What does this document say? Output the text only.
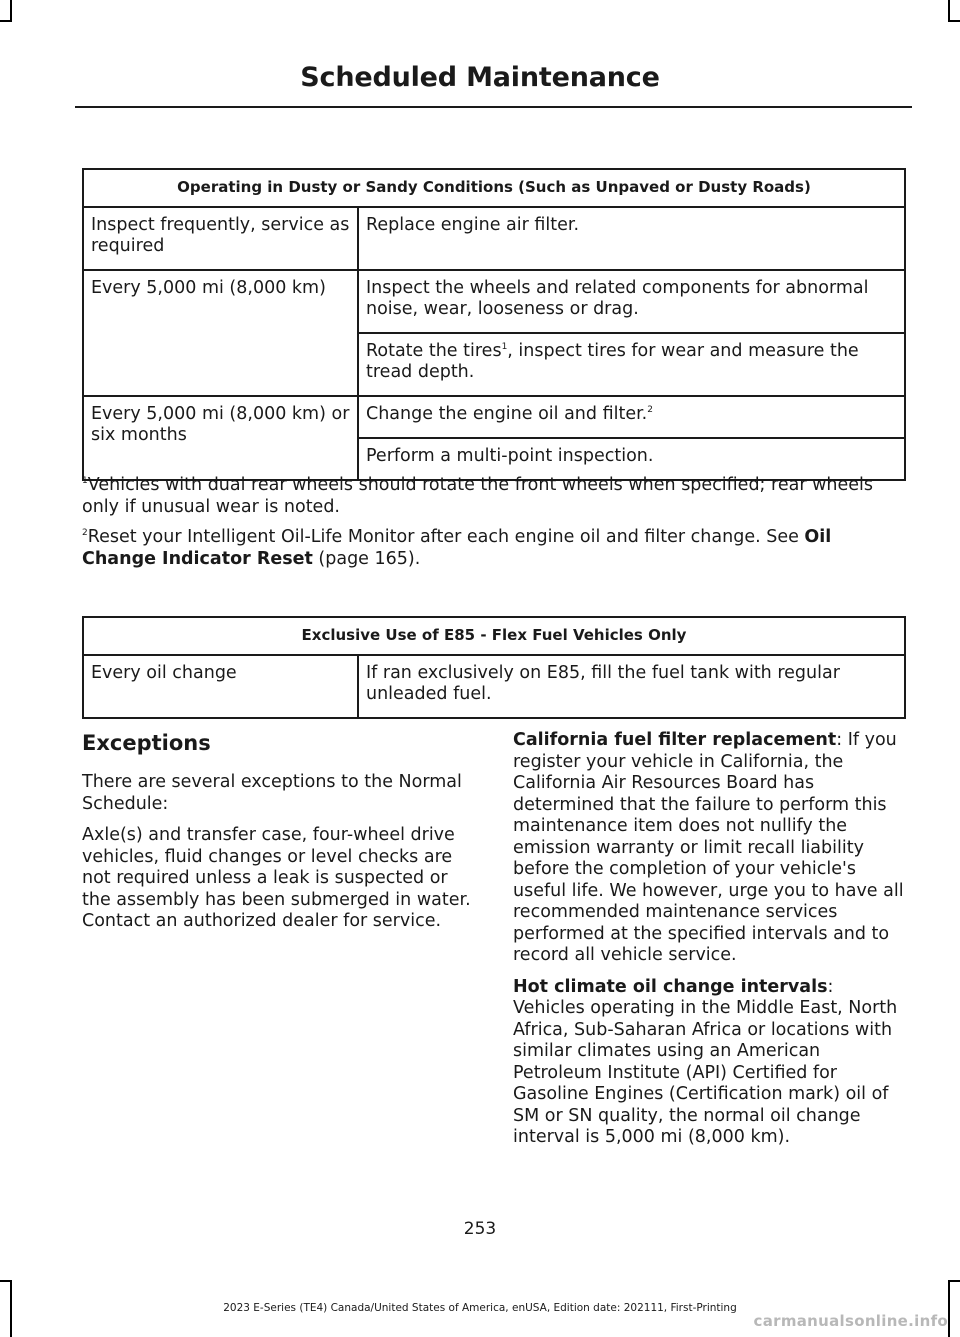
Scheduled Maintenance
Operating in Dusty or Sandy Conditions (Such as Unpaved or Dusty Roads)	
Inspect frequently, service as required	Replace engine air filter.
Every 5,000 mi (8,000 km)	Inspect the wheels and related components for abnormal noise, wear, looseness or drag.
	Rotate the tires$^1$, inspect tires for wear and measure the tread depth.
Every 5,000 mi (8,000 km) or six months	Change the engine oil and filter.$^2$
	Perform a multi-point inspection.

$^1$Vehicles with dual rear wheels should rotate the front wheels when specified; rear wheels only if unusual wear is noted.

$^2$Reset your Intelligent Oil-Life Monitor after each engine oil and filter change. See Oil Change Indicator Reset (page 165).

Exclusive Use of E85 - Flex Fuel Vehicles Only
Every oil change	If ran exclusively on E85, fill the fuel tank with regular unleaded fuel.
Exceptions

There are several exceptions to the Normal Schedule:

Axle(s) and transfer case, four-wheel drive vehicles, fluid changes or level checks are not required unless a leak is suspected or the assembly has been submerged in water. Contact an authorized dealer for service.

California fuel filter replacement: If you register your vehicle in California, the California Air Resources Board has determined that the failure to perform this maintenance item does not nullify the emission warranty or limit recall liability before the completion of your vehicle's useful life. We however, urge you to have all recommended maintenance services performed at the specified intervals and to record all vehicle service.

Hot climate oil change intervals: Vehicles operating in the Middle East, North Africa, Sub-Saharan Africa or locations with similar climates using an American Petroleum Institute (API) Certified for Gasoline Engines (Certification mark) oil of SM or SN quality, the normal oil change interval is 5,000 mi (8,000 km).

253
2023 E-Series (TE4) Canada/United States of America, enUSA, Edition date: 202111, First-Printing
carmanualsonline.info
